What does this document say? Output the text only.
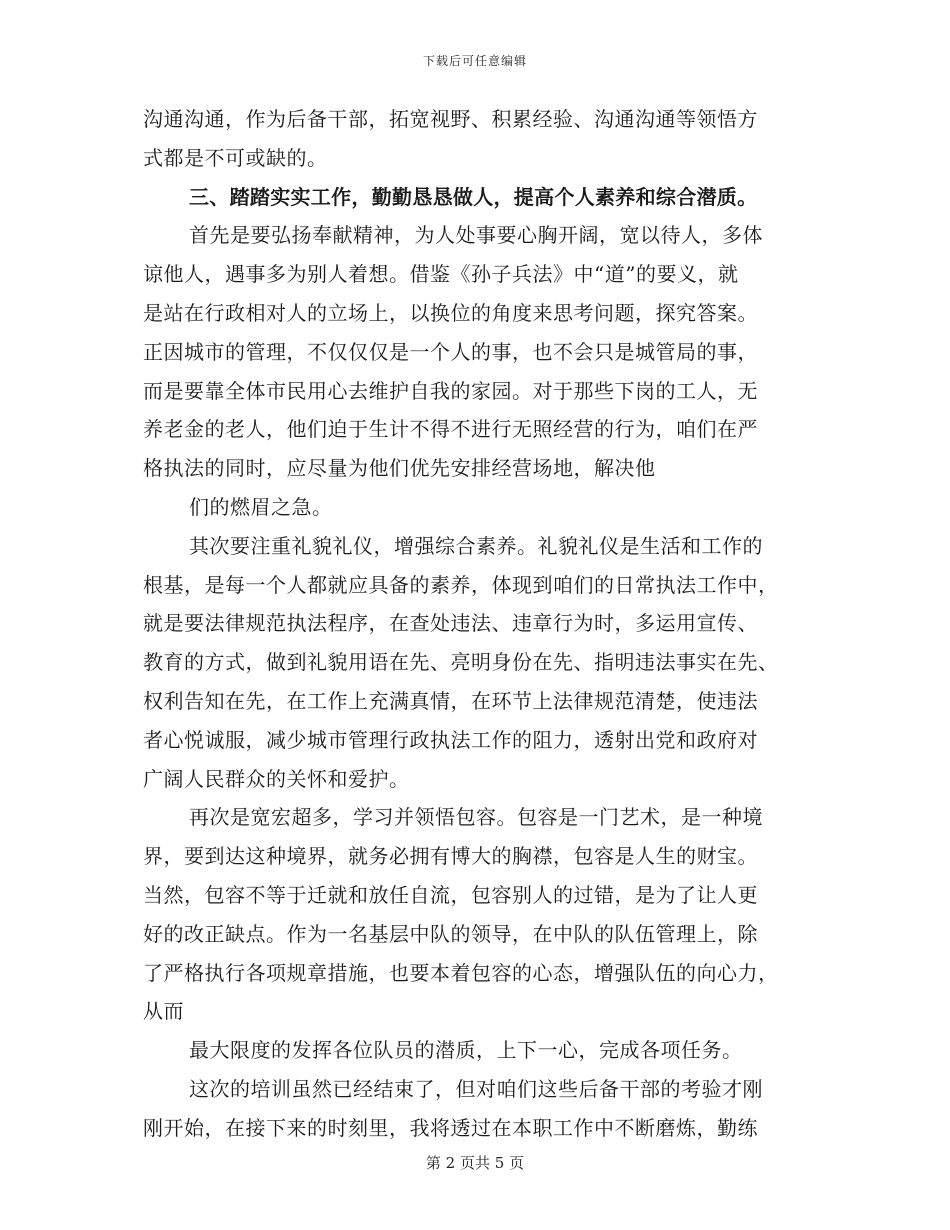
下载后可任意编辑
沟通沟通，作为后备干部，拓宽视野、积累经验、沟通沟通等领悟方
式都是不可或缺的。
三、踏踏实实工作，勤勤恳恳做人，提高个人素养和综合潜质。
首先是要弘扬奉献精神，为人处事要心胸开阔，宽以待人，多体
谅他人，遇事多为别人着想。借鉴《孙子兵法》中“道”的要义，就
是站在行政相对人的立场上，以换位的角度来思考问题，探究答案。
正因城市的管理，不仅仅仅是一个人的事，也不会只是城管局的事，
而是要靠全体市民用心去维护自我的家园。对于那些下岗的工人，无
养老金的老人，他们迫于生计不得不进行无照经营的行为，咱们在严
格执法的同时，应尽量为他们优先安排经营场地，解决他
们的燃眉之急。
其次要注重礼貌礼仪，增强综合素养。礼貌礼仪是生活和工作的
根基，是每一个人都就应具备的素养，体现到咱们的日常执法工作中，
就是要法律规范执法程序，在查处违法、违章行为时，多运用宣传、
教育的方式，做到礼貌用语在先、亮明身份在先、指明违法事实在先、
权利告知在先，在工作上充满真情，在环节上法律规范清楚，使违法
者心悦诚服，减少城市管理行政执法工作的阻力，透射出党和政府对
广阔人民群众的关怀和爱护。
再次是宽宏超多，学习并领悟包容。包容是一门艺术，是一种境
界，要到达这种境界，就务必拥有博大的胸襟，包容是人生的财宝。
当然，包容不等于迁就和放任自流，包容别人的过错，是为了让人更
好的改正缺点。作为一名基层中队的领导，在中队的队伍管理上，除
了严格执行各项规章措施，也要本着包容的心态，增强队伍的向心力，
从而
最大限度的发挥各位队员的潜质，上下一心，完成各项任务。
这次的培训虽然已经结束了，但对咱们这些后备干部的考验才刚
刚开始，在接下来的时刻里，我将透过在本职工作中不断磨炼，勤练
第 2 页共 5 页
